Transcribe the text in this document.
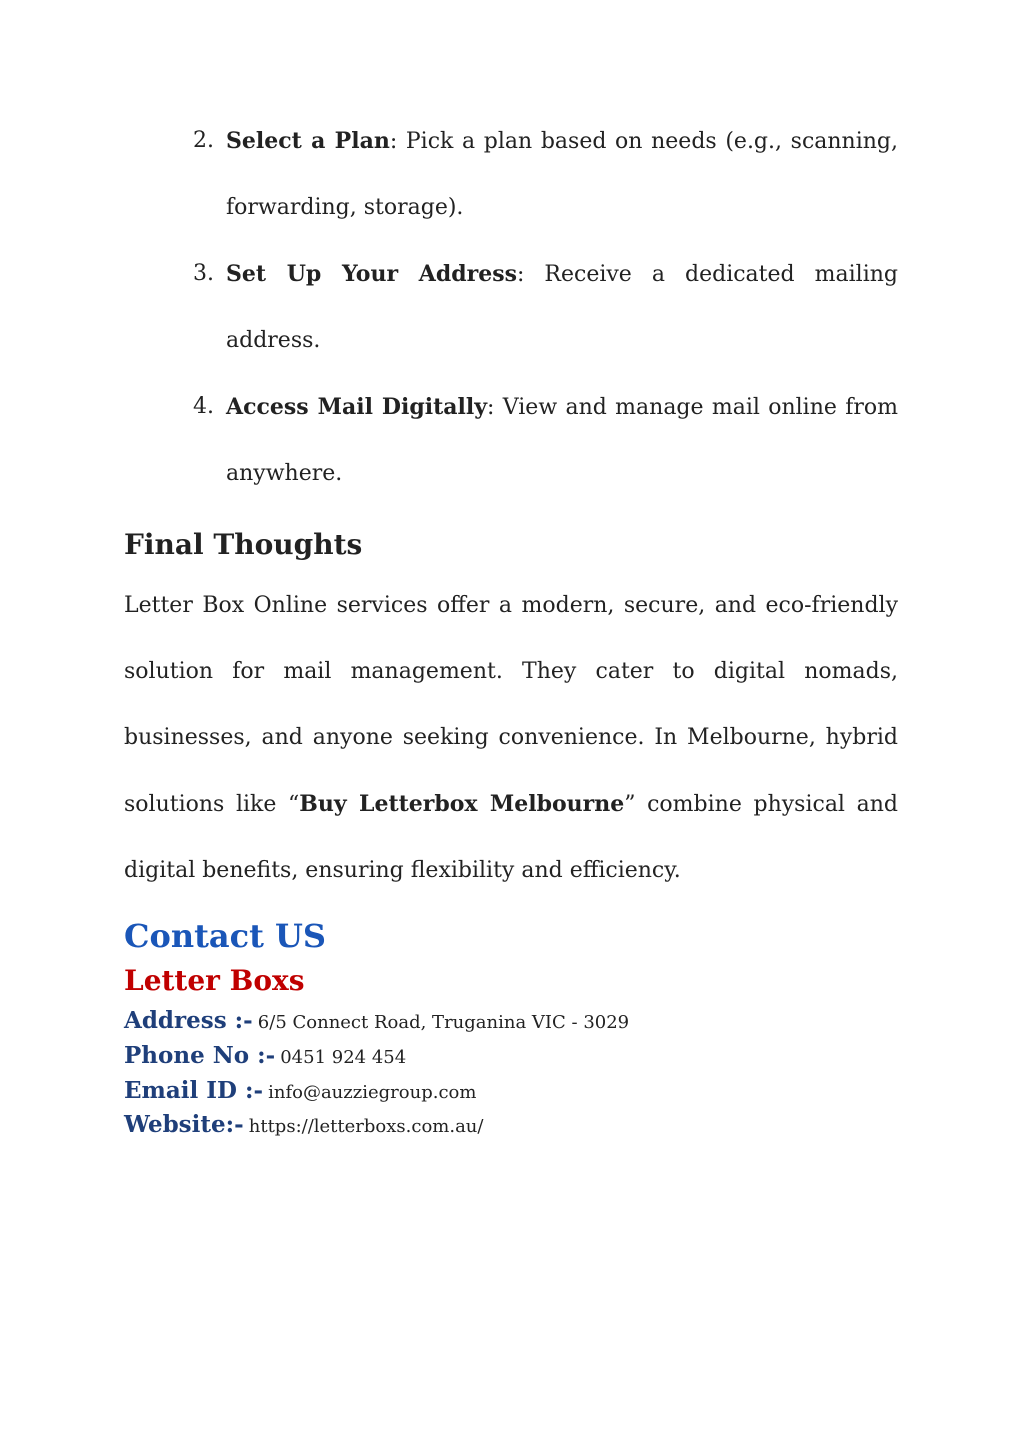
2. Select a Plan: Pick a plan based on needs (e.g., scanning, forwarding, storage).
3. Set Up Your Address: Receive a dedicated mailing address.
4. Access Mail Digitally: View and manage mail online from anywhere.
Final Thoughts

Letter Box Online services offer a modern, secure, and eco-friendly solution for mail management. They cater to digital nomads, businesses, and anyone seeking convenience. In Melbourne, hybrid solutions like “Buy Letterbox Melbourne” combine physical and digital benefits, ensuring flexibility and efficiency.

Contact US
Letter Boxs

Address :- 6/5 Connect Road, Truganina VIC - 3029

Phone No :- 0451 924 454

Email ID :- info@auzziegroup.com

Website:- https://letterboxs.com.au/
